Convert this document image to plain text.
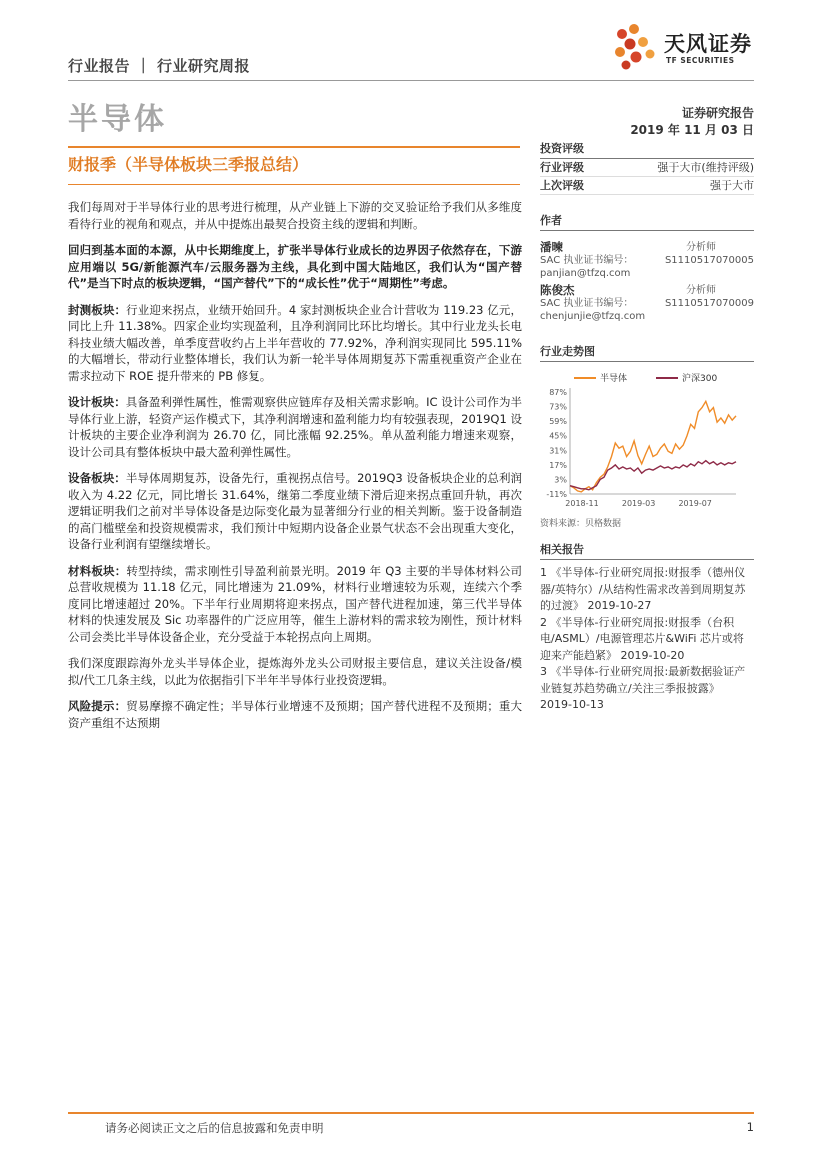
行业报告 ｜ 行业研究周报
天风证券
TF SECURITIES
半导体	证券研究报告
2019 年 11 月 03 日
财报季（半导体板块三季报总结）

我们每周对于半导体行业的思考进行梳理，从产业链上下游的交叉验证给予我们从多维度看待行业的视角和观点，并从中提炼出最契合投资主线的逻辑和判断。

回归到基本面的本源，从中长期维度上，扩张半导体行业成长的边界因子依然存在，下游应用端以 5G/新能源汽车/云服务器为主线，具化到中国大陆地区，我们认为“国产替代”是当下时点的板块逻辑，“国产替代”下的“成长性”优于“周期性”考虑。

封测板块：行业迎来拐点，业绩开始回升。4 家封测板块企业合计营收为 119.23 亿元，同比上升 11.38%。四家企业均实现盈利，且净利润同比环比均增长。其中行业龙头长电科技业绩大幅改善，单季度营收约占上半年营收的 77.92%，净利润实现同比 595.11%的大幅增长，带动行业整体增长，我们认为新一轮半导体周期复苏下需重视重资产企业在需求拉动下 ROE 提升带来的 PB 修复。

设计板块：具备盈利弹性属性，惟需观察供应链库存及相关需求影响。IC 设计公司作为半导体行业上游，轻资产运作模式下，其净利润增速和盈利能力均有较强表现，2019Q1 设计板块的主要企业净利润为 26.70 亿，同比涨幅 92.25%。单从盈利能力增速来观察，设计公司具有整体板块中最大盈利弹性属性。

设备板块：半导体周期复苏，设备先行，重视拐点信号。2019Q3 设备板块企业的总利润收入为 4.22 亿元，同比增长 31.64%，继第二季度业绩下滑后迎来拐点重回升轨，再次逻辑证明我们之前对半导体设备是边际变化最为显著细分行业的相关判断。鉴于设备制造的高门槛壁垒和投资规模需求，我们预计中短期内设备企业景气状态不会出现重大变化，设备行业利润有望继续增长。

材料板块：转型持续，需求刚性引导盈利前景光明。2019 年 Q3 主要的半导体材料公司总营收规模为 11.18 亿元，同比增速为 21.09%，材料行业增速较为乐观，连续六个季度同比增速超过 20%。下半年行业周期将迎来拐点，国产替代进程加速，第三代半导体材料的快速发展及 Sic 功率器件的广泛应用等，催生上游材料的需求较为刚性，预计材料公司会类比半导体设备企业，充分受益于本轮拐点向上周期。

我们深度跟踪海外龙头半导体企业，提炼海外龙头公司财报主要信息，建议关注设备/模拟/代工几条主线，以此为依据指引下半年半导体行业投资逻辑。

风险提示：贸易摩擦不确定性；半导体行业增速不及预期；国产替代进程不及预期；重大资产重组不达预期

投资评级
行业评级	强于大市(维持评级)
上次评级	强于大市
作者
潘暕	分析师
SAC 执业证书编号：	S1110517070005
panjian@tfzq.com
陈俊杰	分析师
SAC 执业证书编号：	S1110517070009
chenjunjie@tfzq.com
行业走势图
半导体	沪深300
87%
73%
59%
45%
31%
17%
3%
-11%
2018-11	2019-03	2019-07
资料来源：贝格数据
相关报告
1 《半导体-行业研究周报:财报季（德州仪器/英特尔）/从结构性需求改善到周期复苏的过渡》 2019-10-27
2 《半导体-行业研究周报:财报季（台积电/ASML）/电源管理芯片&WiFi 芯片或将迎来产能趋紧》 2019-10-20
3 《半导体-行业研究周报:最新数据验证产业链复苏趋势确立/关注三季报披露》 2019-10-13
请务必阅读正文之后的信息披露和免责申明	1
